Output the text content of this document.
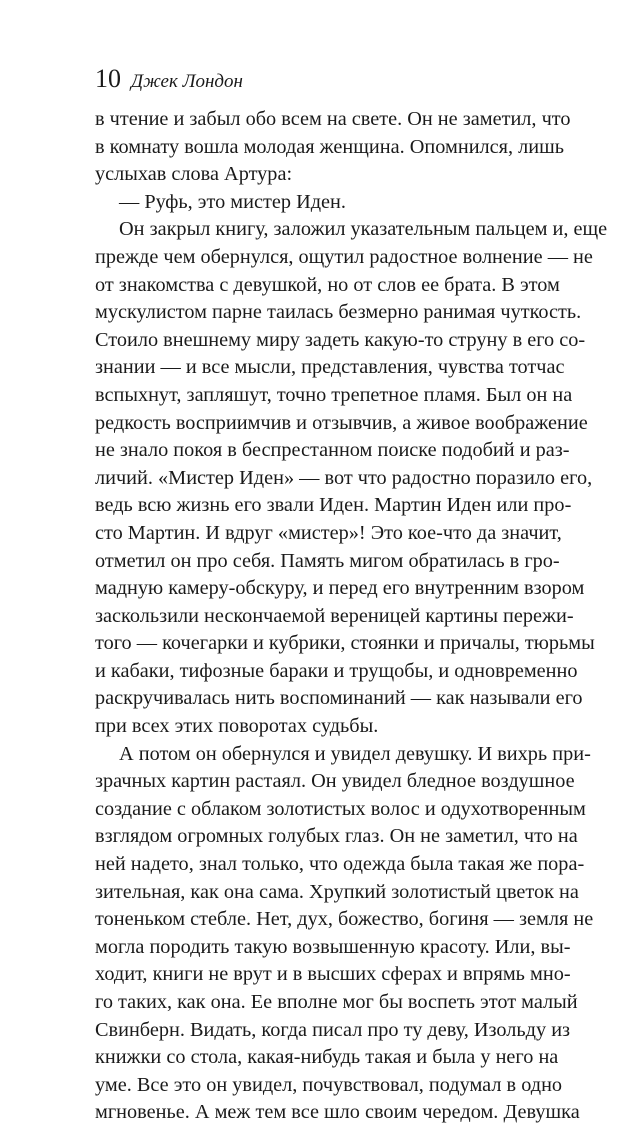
10 Джек Лондон
в чтение и забыл обо всем на свете. Он не заметил, что
в комнату вошла молодая женщина. Опомнился, лишь
услыхав слова Артура:
— Руфь, это мистер Иден.
Он закрыл книгу, заложил указательным пальцем и, еще
прежде чем обернулся, ощутил радостное волнение — не
от знакомства с девушкой, но от слов ее брата. В этом
мускулистом парне таилась безмерно ранимая чуткость.
Стоило внешнему миру задеть какую-то струну в его со-
знании — и все мысли, представления, чувства тотчас
вспыхнут, запляшут, точно трепетное пламя. Был он на
редкость восприимчив и отзывчив, а живое воображение
не знало покоя в беспрестанном поиске подобий и раз-
личий. «Мистер Иден» — вот что радостно поразило его,
ведь всю жизнь его звали Иден. Мартин Иден или про-
сто Мартин. И вдруг «мистер»! Это кое-что да значит,
отметил он про себя. Память мигом обратилась в гро-
мадную камеру-обскуру, и перед его внутренним взором
заскользили нескончаемой вереницей картины пережи-
того — кочегарки и кубрики, стоянки и причалы, тюрьмы
и кабаки, тифозные бараки и трущобы, и одновременно
раскручивалась нить воспоминаний — как называли его
при всех этих поворотах судьбы.
А потом он обернулся и увидел девушку. И вихрь при-
зрачных картин растаял. Он увидел бледное воздушное
создание с облаком золотистых волос и одухотворенным
взглядом огромных голубых глаз. Он не заметил, что на
ней надето, знал только, что одежда была такая же пора-
зительная, как она сама. Хрупкий золотистый цветок на
тоненьком стебле. Нет, дух, божество, богиня — земля не
могла породить такую возвышенную красоту. Или, вы-
ходит, книги не врут и в высших сферах и впрямь мно-
го таких, как она. Ее вполне мог бы воспеть этот малый
Свинберн. Видать, когда писал про ту деву, Изольду из
книжки со стола, какая-нибудь такая и была у него на
уме. Все это он увидел, почувствовал, подумал в одно
мгновенье. А меж тем все шло своим чередом. Девушка
